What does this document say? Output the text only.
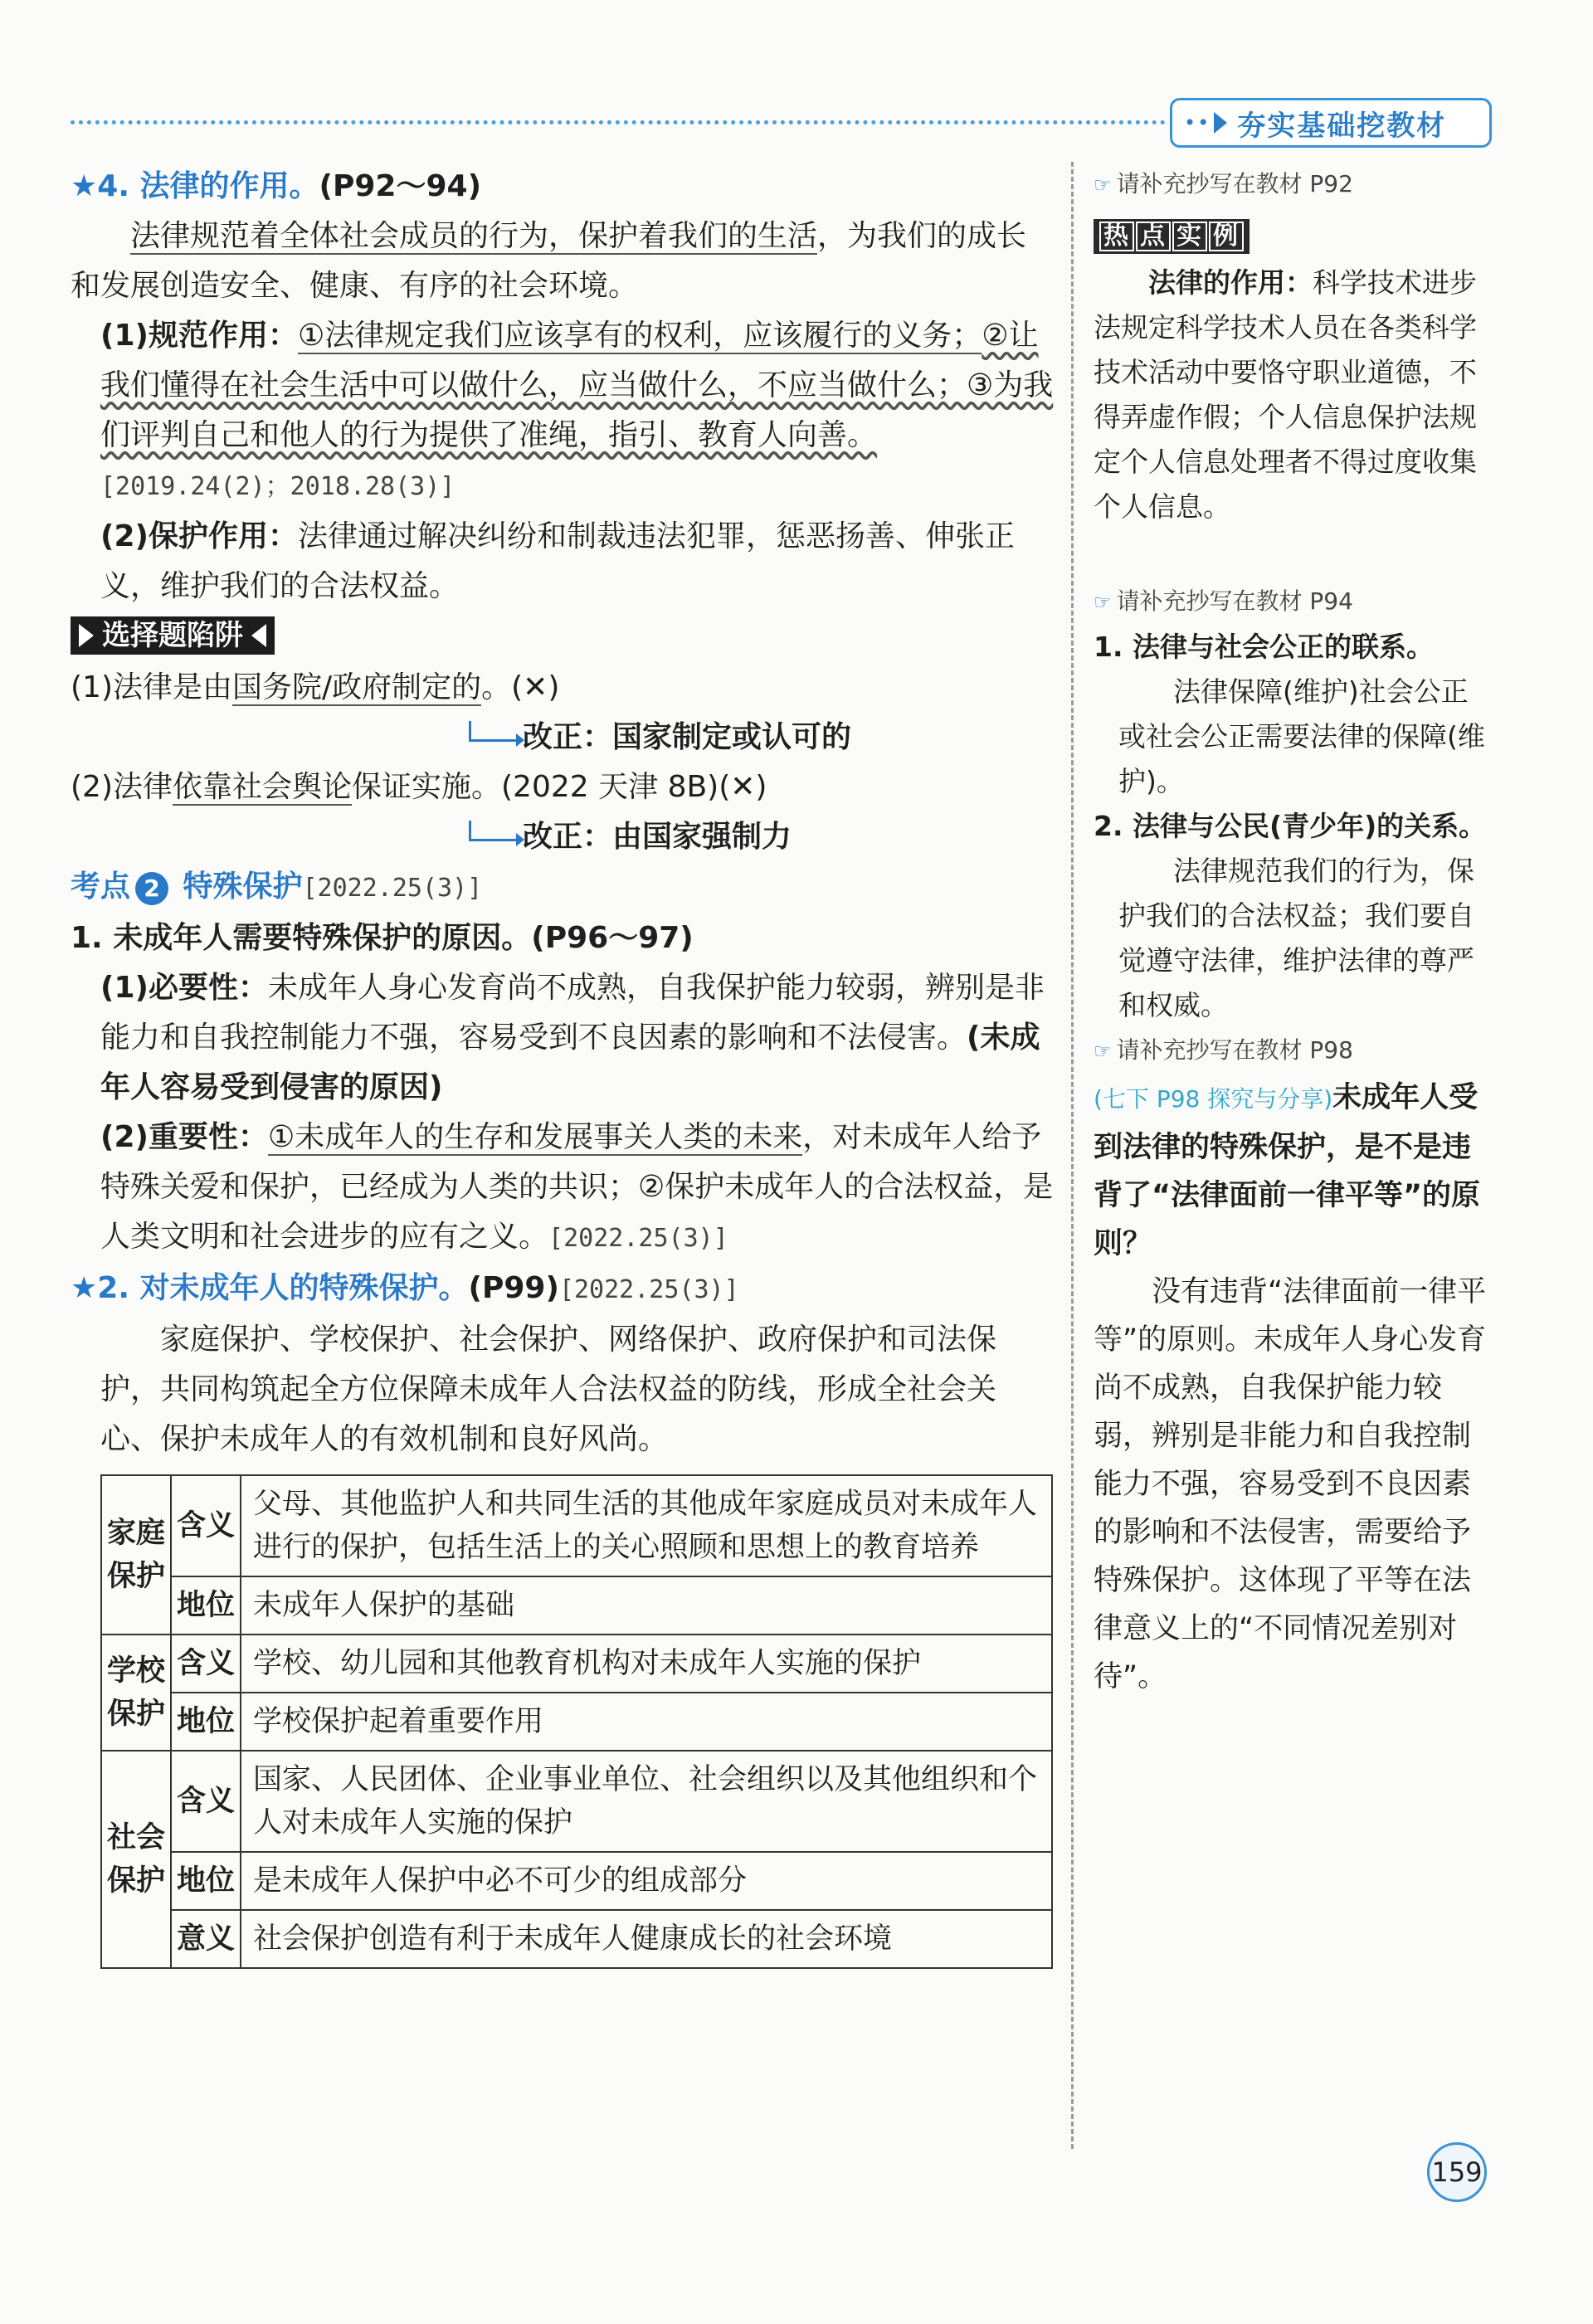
•• 夯实基础挖教材

★4. 法律的作用。(P92～94)

法律规范着全体社会成员的行为，保护着我们的生活，为我们的成长和发展创造安全、健康、有序的社会环境。

(1)规范作用：①法律规定我们应该享有的权利，应该履行的义务；②让我们懂得在社会生活中可以做什么，应当做什么，不应当做什么；③为我们评判自己和他人的行为提供了准绳，指引、教育人向善。[2019.24(2)；2018.28(3)]

(2)保护作用：法律通过解决纠纷和制裁违法犯罪，惩恶扬善、伸张正义，维护我们的合法权益。

选择题陷阱

(1)法律是由国务院/政府制定的。(✕)

改正：国家制定或认可的

(2)法律依靠社会舆论保证实施。(2022 天津 8B)(✕)

改正：由国家强制力

考点 2 特殊保护[2022.25(3)]

1. 未成年人需要特殊保护的原因。(P96～97)

(1)必要性：未成年人身心发育尚不成熟，自我保护能力较弱，辨别是非能力和自我控制能力不强，容易受到不良因素的影响和不法侵害。(未成年人容易受到侵害的原因)

(2)重要性：①未成年人的生存和发展事关人类的未来，对未成年人给予特殊关爱和保护，已经成为人类的共识；②保护未成年人的合法权益，是人类文明和社会进步的应有之义。[2022.25(3)]

★2. 对未成年人的特殊保护。(P99)[2022.25(3)]

家庭保护、学校保护、社会保护、网络保护、政府保护和司法保护，共同构筑起全方位保障未成年人合法权益的防线，形成全社会关心、保护未成年人的有效机制和良好风尚。

家庭保护	含义	父母、其他监护人和共同生活的其他成年家庭成员对未成年人进行的保护，包括生活上的关心照顾和思想上的教育培养
	地位	未成年人保护的基础
学校保护	含义	学校、幼儿园和其他教育机构对未成年人实施的保护
	地位	学校保护起着重要作用
社会保护	含义	国家、人民团体、企业事业单位、社会组织以及其他组织和个人对未成年人实施的保护
	地位	是未成年人保护中必不可少的组成部分
	意义	社会保护创造有利于未成年人健康成长的社会环境

☞ 请补充抄写在教材 P92

热 点 实 例

法律的作用：科学技术进步法规定科学技术人员在各类科学技术活动中要恪守职业道德，不得弄虚作假；个人信息保护法规定个人信息处理者不得过度收集个人信息。

☞ 请补充抄写在教材 P94

1. 法律与社会公正的联系。

法律保障(维护)社会公正或社会公正需要法律的保障(维护)。

2. 法律与公民(青少年)的关系。

法律规范我们的行为，保护我们的合法权益；我们要自觉遵守法律，维护法律的尊严和权威。

☞ 请补充抄写在教材 P98

(七下 P98 探究与分享)未成年人受到法律的特殊保护，是不是违背了“法律面前一律平等”的原则？

没有违背“法律面前一律平等”的原则。未成年人身心发育尚不成熟，自我保护能力较弱，辨别是非能力和自我控制能力不强，容易受到不良因素的影响和不法侵害，需要给予特殊保护。这体现了平等在法律意义上的“不同情况差别对待”。

159
